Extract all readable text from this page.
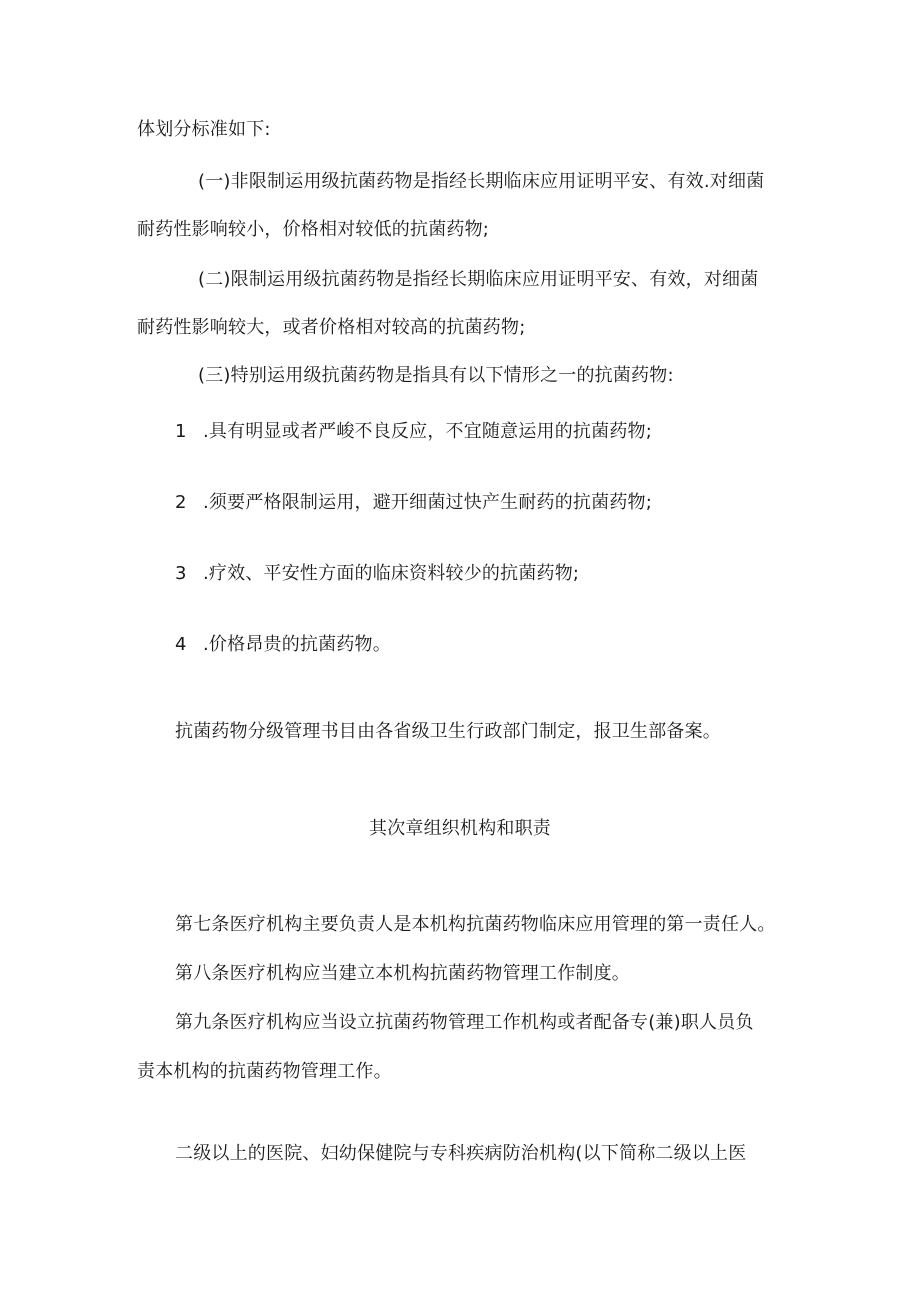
体划分标准如下:
(一)非限制运用级抗菌药物是指经长期临床应用证明平安、有效.对细菌
耐药性影响较小，价格相对较低的抗菌药物;
(二)限制运用级抗菌药物是指经长期临床应用证明平安、有效，对细菌
耐药性影响较大，或者价格相对较高的抗菌药物;
(三)特别运用级抗菌药物是指具有以下情形之一的抗菌药物:
1 .具有明显或者严峻不良反应，不宜随意运用的抗菌药物;
2 .须要严格限制运用，避开细菌过快产生耐药的抗菌药物;
3 .疗效、平安性方面的临床资料较少的抗菌药物;
4 .价格昂贵的抗菌药物。
抗菌药物分级管理书目由各省级卫生行政部门制定，报卫生部备案。
其次章组织机构和职责
第七条医疗机构主要负责人是本机构抗菌药物临床应用管理的第一责任人。
第八条医疗机构应当建立本机构抗菌药物管理工作制度。
第九条医疗机构应当设立抗菌药物管理工作机构或者配备专(兼)职人员负
责本机构的抗菌药物管理工作。
二级以上的医院、妇幼保健院与专科疾病防治机构(以下简称二级以上医
